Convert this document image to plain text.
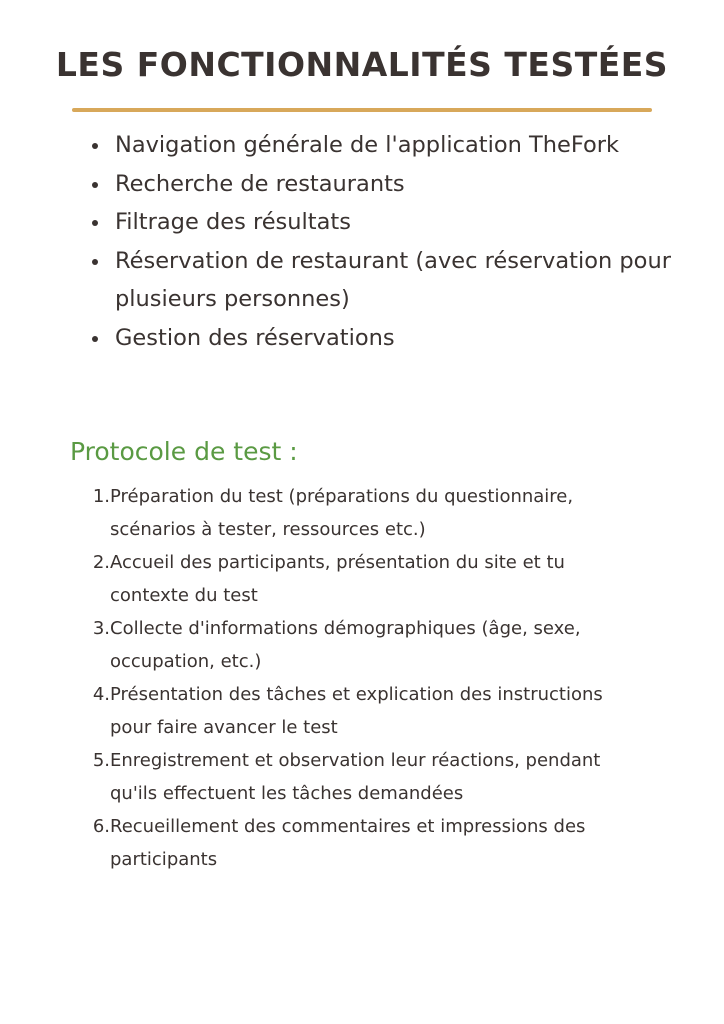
LES FONCTIONNALITÉS TESTÉES
Navigation générale de l'application TheFork
Recherche de restaurants
Filtrage des résultats
Réservation de restaurant (avec réservation pour plusieurs personnes)
Gestion des réservations
Protocole de test :
1. Préparation du test (préparations du questionnaire, scénarios à tester, ressources etc.)
2. Accueil des participants, présentation du site et tu contexte du test
3. Collecte d'informations démographiques (âge, sexe, occupation, etc.)
4. Présentation des tâches et explication des instructions pour faire avancer le test
5. Enregistrement et observation leur réactions, pendant qu'ils effectuent les tâches demandées
6. Recueillement des commentaires et impressions des participants
